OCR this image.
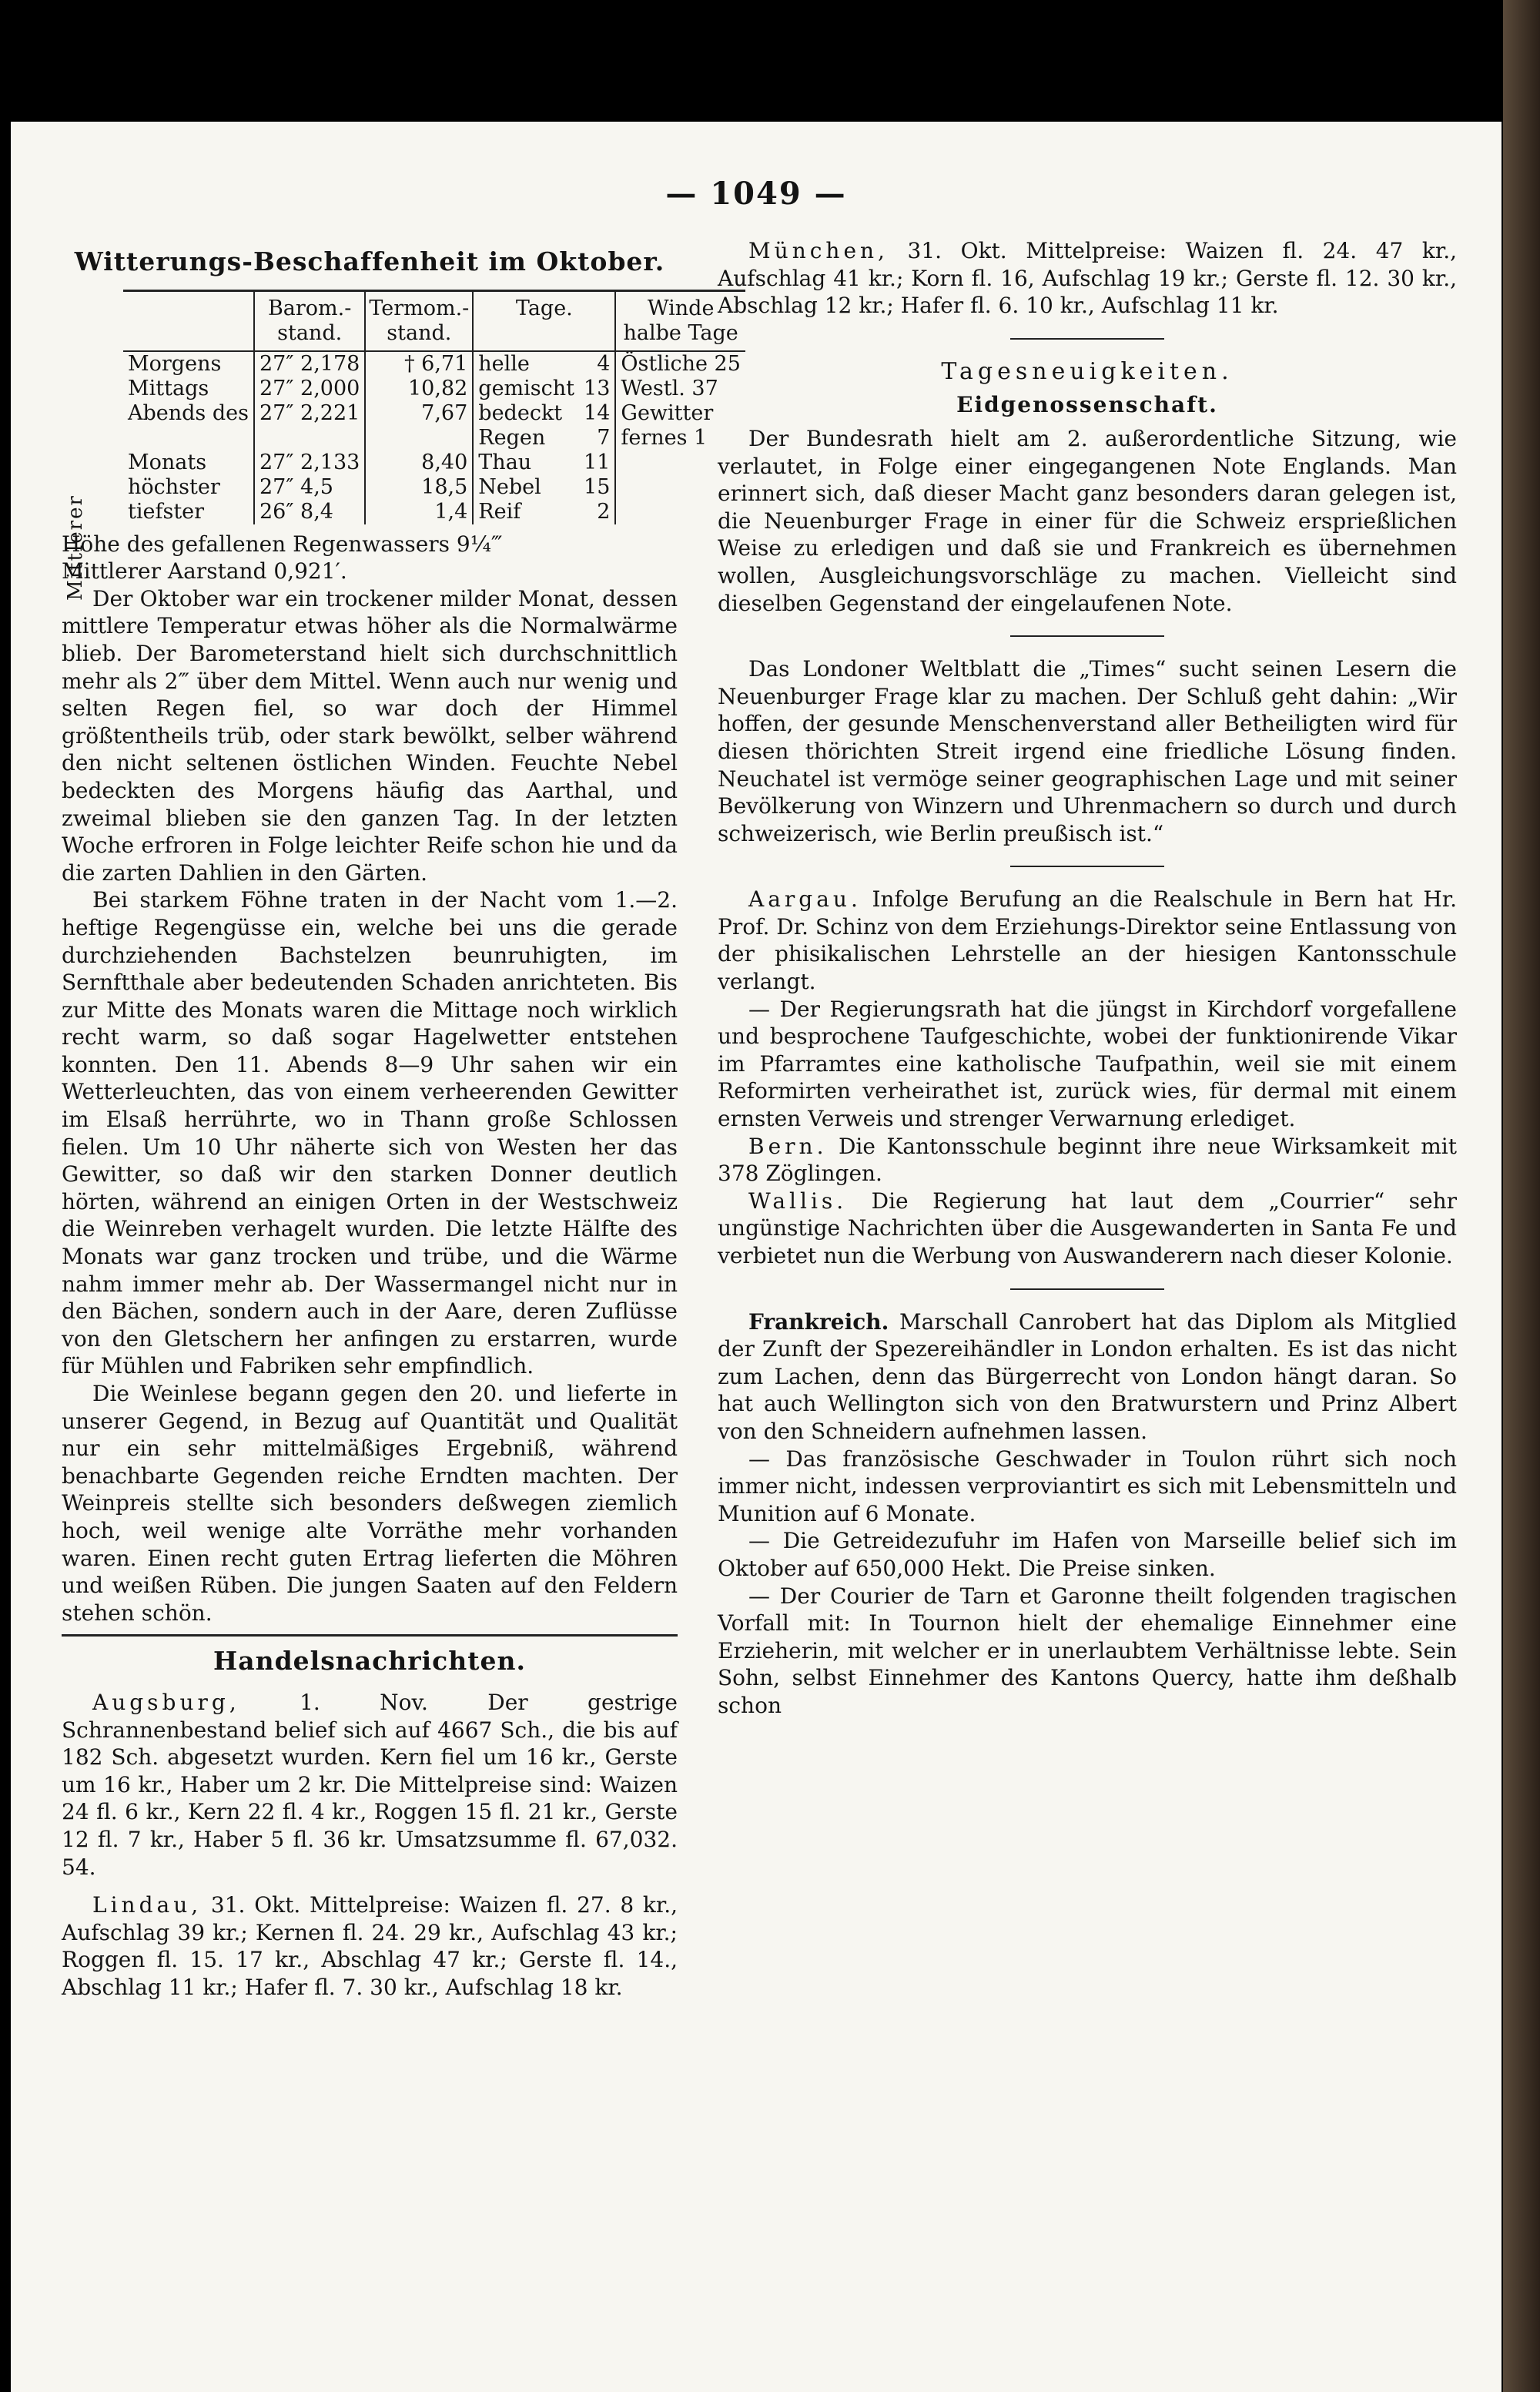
— 1049 —
Witterungs-Beschaffenheit im Oktober.
	Barom.-stand.	Termom.-stand.	Tage.		Winde halbe Tage
Morgens	27″ 2,178	† 6,71	helle	4	Östliche 25
Mittags	27″ 2,000	10,82	gemischt	13	Westl. 37
Abends des	27″ 2,221	7,67	bedeckt	14	Gewitter
			Regen	7	fernes 1
Monats	27″ 2,133	8,40	Thau	11	
höchster	27″ 4,5	18,5	Nebel	15	
tiefster	26″ 8,4	1,4	Reif	2	

Höhe des gefallenen Regenwassers 9¼‴

Mittlerer Aarstand 0,921′.

Der Oktober war ein trockener milder Monat, dessen mittlere Temperatur etwas höher als die Normalwärme blieb. Der Barometerstand hielt sich durchschnittlich mehr als 2‴ über dem Mittel. Wenn auch nur wenig und selten Regen fiel, so war doch der Himmel größtentheils trüb, oder stark bewölkt, selber während den nicht seltenen östlichen Winden. Feuchte Nebel bedeckten des Morgens häufig das Aarthal, und zweimal blieben sie den ganzen Tag. In der letzten Woche erfroren in Folge leichter Reife schon hie und da die zarten Dahlien in den Gärten.

Bei starkem Föhne traten in der Nacht vom 1.—2. heftige Regengüsse ein, welche bei uns die gerade durchziehenden Bachstelzen beunruhigten, im Sernftthale aber bedeutenden Schaden anrichteten. Bis zur Mitte des Monats waren die Mittage noch wirklich recht warm, so daß sogar Hagelwetter entstehen konnten. Den 11. Abends 8—9 Uhr sahen wir ein Wetterleuchten, das von einem verheerenden Gewitter im Elsaß herrührte, wo in Thann große Schlossen fielen. Um 10 Uhr näherte sich von Westen her das Gewitter, so daß wir den starken Donner deutlich hörten, während an einigen Orten in der Westschweiz die Weinreben verhagelt wurden. Die letzte Hälfte des Monats war ganz trocken und trübe, und die Wärme nahm immer mehr ab. Der Wassermangel nicht nur in den Bächen, sondern auch in der Aare, deren Zuflüsse von den Gletschern her anfingen zu erstarren, wurde für Mühlen und Fabriken sehr empfindlich.

Die Weinlese begann gegen den 20. und lieferte in unserer Gegend, in Bezug auf Quantität und Qualität nur ein sehr mittelmäßiges Ergebniß, während benachbarte Gegenden reiche Erndten machten. Der Weinpreis stellte sich besonders deßwegen ziemlich hoch, weil wenige alte Vorräthe mehr vorhanden waren. Einen recht guten Ertrag lieferten die Möhren und weißen Rüben. Die jungen Saaten auf den Feldern stehen schön.

Handelsnachrichten.

Augsburg,	1. Nov. Der gestrige Schrannenbestand belief sich auf 4667 Sch., die bis auf 182 Sch. abgesetzt wurden. Kern fiel um 16 kr., Gerste um 16 kr., Haber um 2 kr. Die Mittelpreise sind: Waizen 24 fl. 6 kr., Kern 22 fl. 4 kr., Roggen 15 fl. 21 kr., Gerste 12 fl. 7 kr., Haber 5 fl. 36 kr. Umsatzsumme fl. 67,032. 54.

Lindau, 31. Okt. Mittelpreise: Waizen fl. 27. 8 kr., Aufschlag 39 kr.; Kernen fl. 24. 29 kr., Aufschlag 43 kr.; Roggen fl. 15. 17 kr., Abschlag 47 kr.; Gerste fl. 14., Abschlag 11 kr.; Hafer fl. 7. 30 kr., Aufschlag 18 kr.

Mittlerer

München, 31. Okt. Mittelpreise: Waizen fl. 24. 47 kr., Aufschlag 41 kr.; Korn fl. 16, Aufschlag 19 kr.; Gerste fl. 12. 30 kr., Abschlag 12 kr.; Hafer fl. 6. 10 kr., Aufschlag 11 kr.

Tagesneuigkeiten.
Eidgenossenschaft.

Der Bundesrath hielt am 2. außerordentliche Sitzung, wie verlautet, in Folge einer eingegangenen Note Englands. Man erinnert sich, daß dieser Macht ganz besonders daran gelegen ist, die Neuenburger Frage in einer für die Schweiz ersprießlichen Weise zu erledigen und daß sie und Frankreich es übernehmen wollen, Ausgleichungsvorschläge zu machen. Vielleicht sind dieselben Gegenstand der eingelaufenen Note.

Das Londoner Weltblatt die „Times“ sucht seinen Lesern die Neuenburger Frage klar zu machen. Der Schluß geht dahin: „Wir hoffen, der gesunde Menschenverstand aller Betheiligten wird für diesen thörichten Streit irgend eine friedliche Lösung finden. Neuchatel ist vermöge seiner geographischen Lage und mit seiner Bevölkerung von Winzern und Uhrenmachern so durch und durch schweizerisch, wie Berlin preußisch ist.“

Aargau. Infolge Berufung an die Realschule in Bern hat Hr. Prof. Dr. Schinz von dem Erziehungs-Direktor seine Entlassung von der phisikalischen Lehrstelle an der hiesigen Kantonsschule verlangt.

— Der Regierungsrath hat die jüngst in Kirchdorf vorgefallene und besprochene Taufgeschichte, wobei der funktionirende Vikar im Pfarramtes eine katholische Taufpathin, weil sie mit einem Reformirten verheirathet ist, zurück wies, für dermal mit einem ernsten Verweis und strenger Verwarnung erlediget.

Bern. Die Kantonsschule beginnt ihre neue Wirksamkeit mit 378 Zöglingen.

Wallis. Die Regierung hat laut dem „Courrier“ sehr ungünstige Nachrichten über die Ausgewanderten in Santa Fe und verbietet nun die Werbung von Auswanderern nach dieser Kolonie.

Frankreich. Marschall Canrobert hat das Diplom als Mitglied der Zunft der Spezereihändler in London erhalten. Es ist das nicht zum Lachen, denn das Bürgerrecht von London hängt daran. So hat auch Wellington sich von den Bratwurstern und Prinz Albert von den Schneidern aufnehmen lassen.

— Das französische Geschwader in Toulon rührt sich noch immer nicht, indessen verproviantirt es sich mit Lebensmitteln und Munition auf 6 Monate.

— Die Getreidezufuhr im Hafen von Marseille belief sich im Oktober auf 650,000 Hekt. Die Preise sinken.

— Der Courier de Tarn et Garonne theilt folgenden tragischen Vorfall mit: In Tournon hielt der ehemalige Einnehmer eine Erzieherin, mit welcher er in unerlaubtem Verhältnisse lebte. Sein Sohn, selbst Einnehmer des Kantons Quercy, hatte ihm deßhalb schon
